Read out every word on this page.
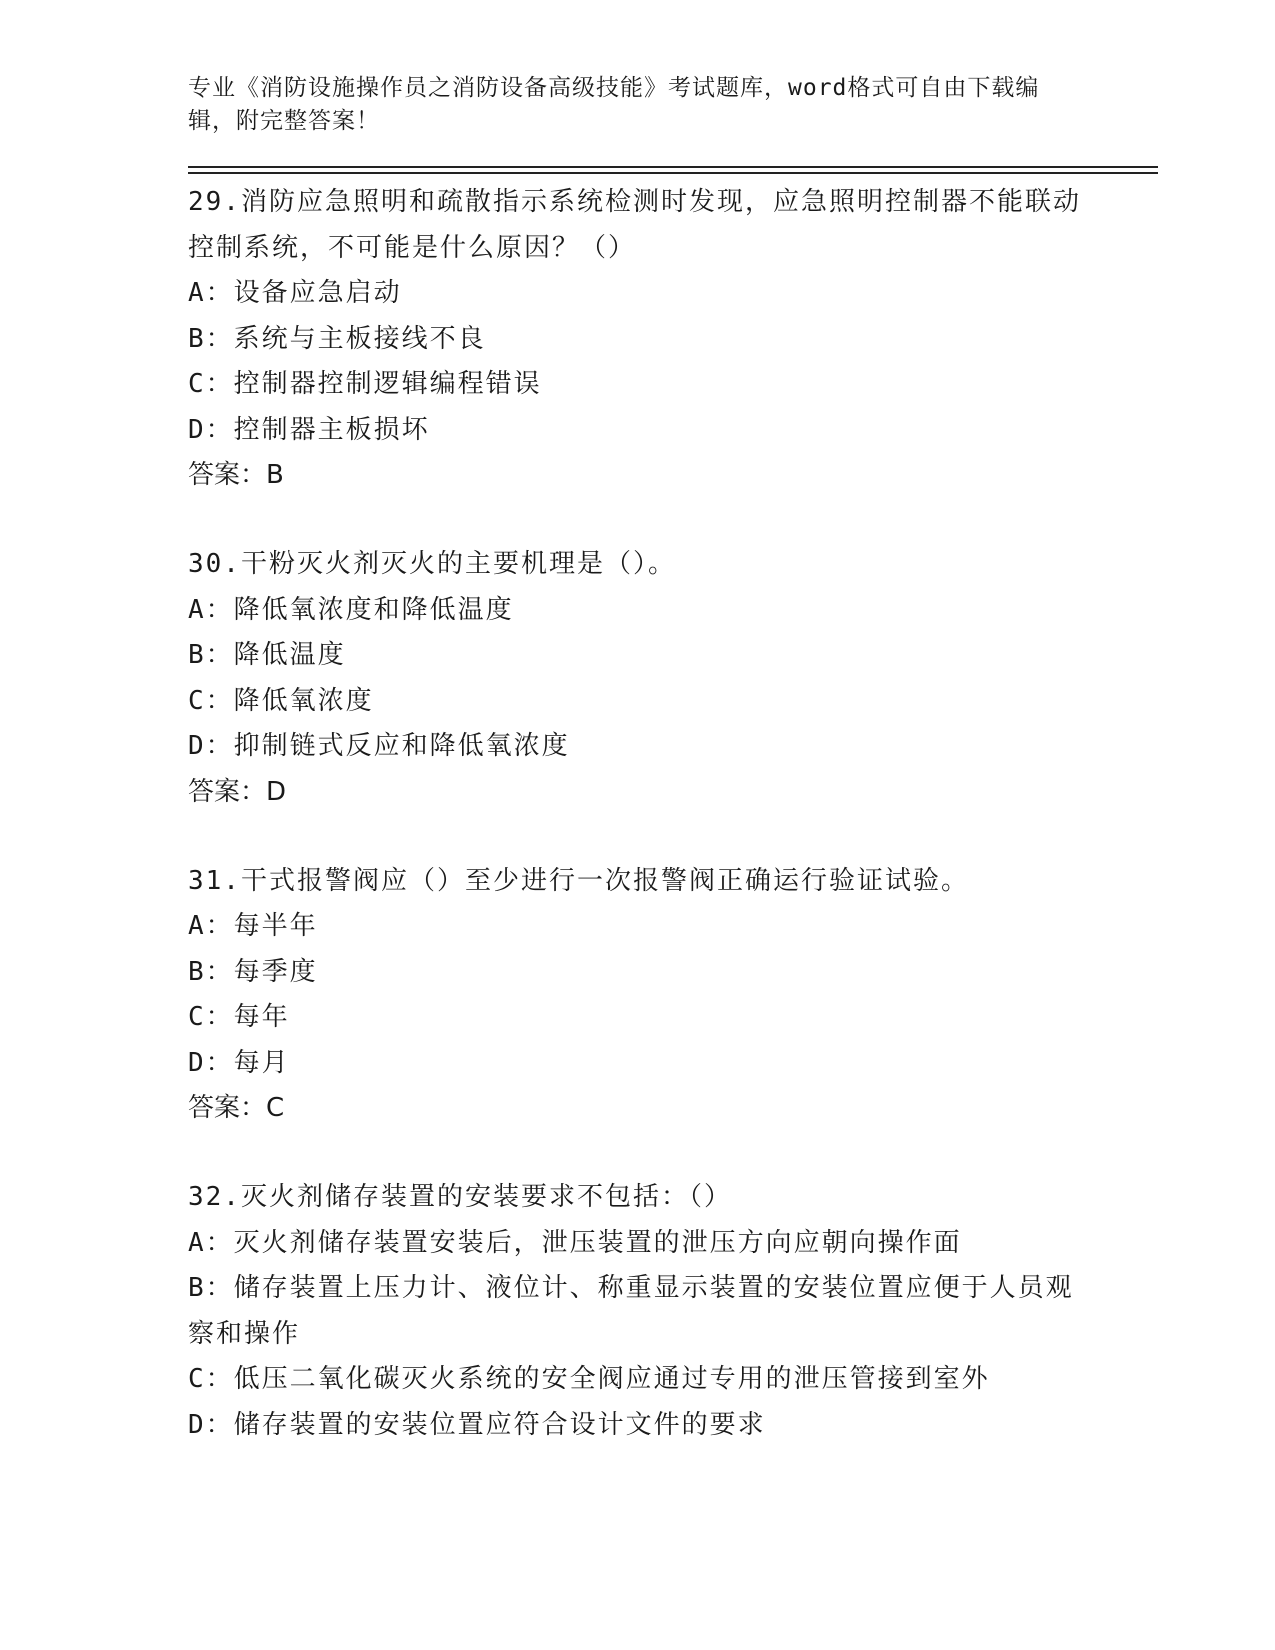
专业《消防设施操作员之消防设备高级技能》考试题库，word格式可自由下载编辑，附完整答案！
29.消防应急照明和疏散指示系统检测时发现，应急照明控制器不能联动控制系统，不可能是什么原因？（）
A：设备应急启动
B：系统与主板接线不良
C：控制器控制逻辑编程错误
D：控制器主板损坏
答案：B
30.干粉灭火剂灭火的主要机理是（）。
A：降低氧浓度和降低温度
B：降低温度
C：降低氧浓度
D：抑制链式反应和降低氧浓度
答案：D
31.干式报警阀应（）至少进行一次报警阀正确运行验证试验。
A：每半年
B：每季度
C：每年
D：每月
答案：C
32.灭火剂储存装置的安装要求不包括：（）
A：灭火剂储存装置安装后，泄压装置的泄压方向应朝向操作面
B：储存装置上压力计、液位计、称重显示装置的安装位置应便于人员观察和操作
C：低压二氧化碳灭火系统的安全阀应通过专用的泄压管接到室外
D：储存装置的安装位置应符合设计文件的要求
